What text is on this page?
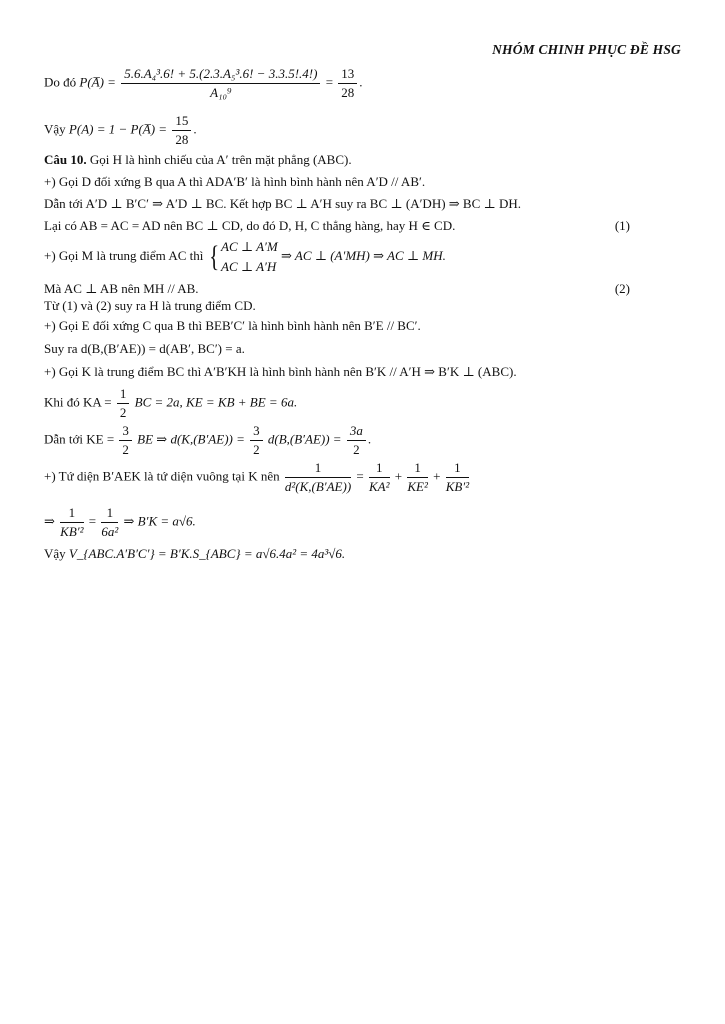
NHÓM CHINH PHỤC ĐỀ HSG
Do đó P(A̅) = $\frac{\text{5.6.A₄³.6! + 5.(2.3.A₅³.6! − 3.3.5!.4!)}}{\text{A₁₀⁹}} = \frac{13}{28}$ .
Vậy P(A) = 1 − P(A̅) = $\frac{15}{28}$ .
Câu 10. Gọi H là hình chiếu của A′ trên mặt phẳng (ABC).
+) Gọi D đối xứng B qua A thì ADA′B′ là hình bình hành nên A′D // AB′.
Dẫn tới A′D ⊥ B′C′ ⇒ A′D ⊥ BC. Kết hợp BC ⊥ A′H suy ra BC ⊥ (A′DH) ⇒ BC ⊥ DH.
Lại có AB = AC = AD nên BC ⊥ CD, do đó D, H, C thẳng hàng, hay H ∈ CD.	(1)
+) Gọi M là trung điểm AC thì { AC ⊥ A′M
AC ⊥ A′H
⇒ AC ⊥ (A′MH) ⇒ AC ⊥ MH.
Mà AC ⊥ AB nên MH // AB.	(2)
Từ (1) và (2) suy ra H là trung điểm CD.
+) Gọi E đối xứng C qua B thì BEB′C′ là hình bình hành nên B′E // BC′.
Suy ra d(B,(B′AE)) = d(AB′, BC′) = a.
+) Gọi K là trung điểm BC thì A′B′KH là hình bình hành nên B′K // A′H ⇒ B′K ⊥ (ABC).
Khi đó KA = $\frac{1}{2}$ BC = 2a, KE = KB + BE = 6a.
Dẫn tới KE = $\frac{3}{2}$ BE ⇒ $d(K,(B'AE)) = \frac{3}{2} d(B,(B'AE)) = \frac{3a}{2}$ .
+) Tứ diện B′AEK là tứ diện vuông tại K nên $\frac{1}{\text{d²(K,(B′AE))}} = \frac{1}{\text{KA²}} + \frac{1}{\text{KE²}} + \frac{1}{\text{KB′²}}$
⇒ $\frac{1}{\text{KB′²}} = \frac{1}{\text{6a²}}$ ⇒ B′K = a√6.
Vậy V_{ABC.A′B′C′} = B′K.S_{ABC} = a√6.4a² = 4a³√6.
